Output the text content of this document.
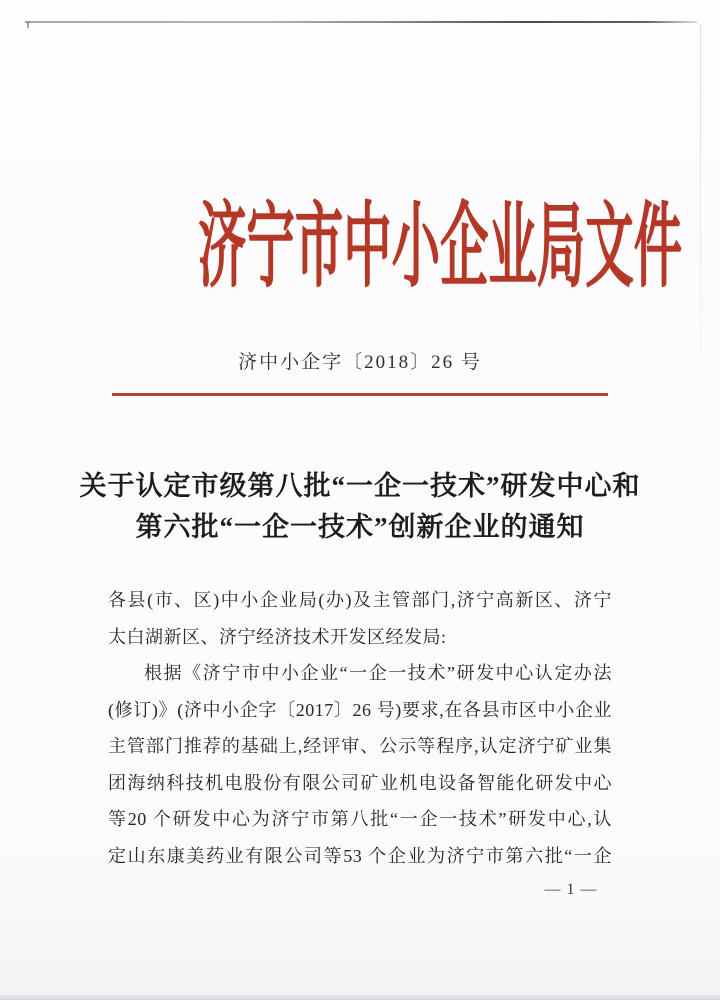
济宁市中小企业局文件
济中小企字〔2018〕26 号
关于认定市级第八批“一企一技术”研发中心和
第六批“一企一技术”创新企业的通知
各县(市、区)中小企业局(办)及主管部门,济宁高新区、济宁
太白湖新区、济宁经济技术开发区经发局:
根据《济宁市中小企业“一企一技术”研发中心认定办法
(修订)》(济中小企字〔2017〕26 号)要求,在各县市区中小企业
主管部门推荐的基础上,经评审、公示等程序,认定济宁矿业集
团海纳科技机电股份有限公司矿业机电设备智能化研发中心
等20 个研发中心为济宁市第八批“一企一技术”研发中心,认
定山东康美药业有限公司等53 个企业为济宁市第六批“一企
— 1 —
